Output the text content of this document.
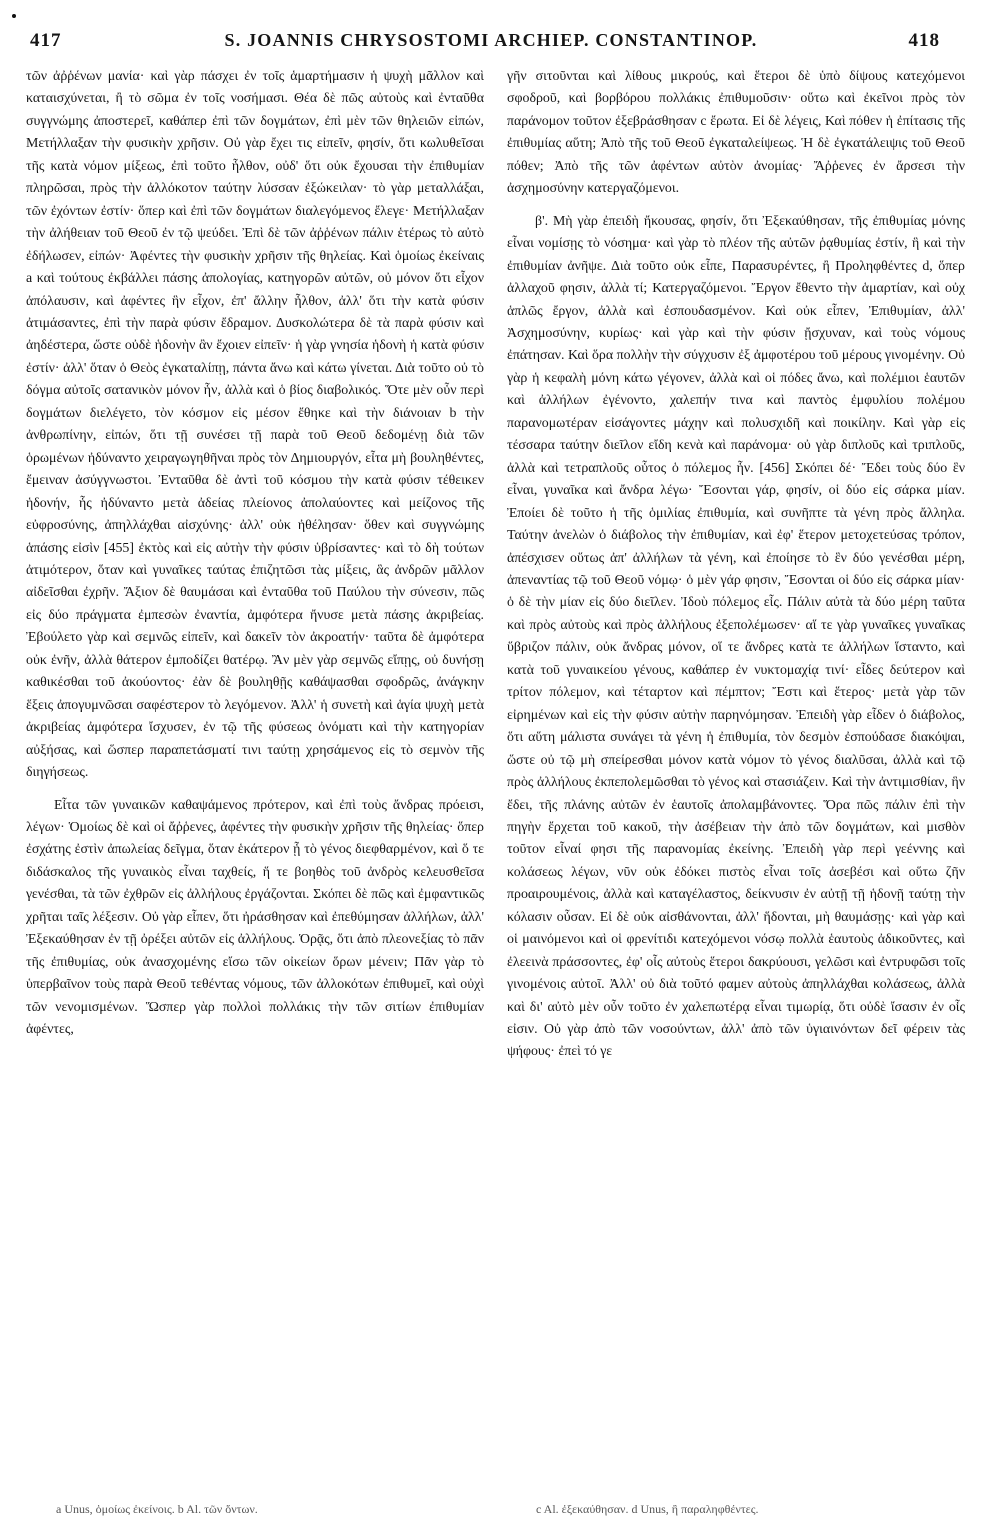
417	S. JOANNIS CHRYSOSTOMI ARCHIEP. CONSTANTINOP.	418

τῶν ἀῤῥένων μανία· καὶ γὰρ πάσχει ἐν τοῖς ἁμαρτήμασιν ἡ ψυχὴ μᾶλλον καὶ καταισχύνεται, ἢ τὸ σῶμα ἐν τοῖς νοσήμασι. Θέα δὲ πῶς αὐτοὺς καὶ ἐνταῦθα συγγνώμης ἀποστερεῖ, καθάπερ ἐπὶ τῶν δογμάτων, ἐπὶ μὲν τῶν θηλειῶν εἰπών, Μετήλλαξαν τὴν φυσικὴν χρῆσιν. Οὐ γὰρ ἔχει τις εἰπεῖν, φησίν, ὅτι κωλυθεῖσαι τῆς κατὰ νόμον μίξεως, ἐπὶ τοῦτο ἦλθον, οὐδ' ὅτι οὐκ ἔχουσαι τὴν ἐπιθυμίαν πληρῶσαι, πρὸς τὴν ἀλλόκοτον ταύτην λύσσαν ἐξώκειλαν· τὸ γὰρ μεταλλάξαι, τῶν ἐχόντων ἐστίν· ὅπερ καὶ ἐπὶ τῶν δογμάτων διαλεγόμενος ἔλεγε· Μετήλλαξαν τὴν ἀλήθειαν τοῦ Θεοῦ ἐν τῷ ψεύδει. Ἐπὶ δὲ τῶν ἀῤῥένων πάλιν ἑτέρως τὸ αὐτὸ ἐδήλωσεν, εἰπών· Ἀφέντες τὴν φυσικὴν χρῆσιν τῆς θηλείας. Καὶ ὁμοίως ἐκείναις a καὶ τούτους ἐκβάλλει πάσης ἀπολογίας, κατηγορῶν αὐτῶν, οὐ μόνον ὅτι εἶχον ἀπόλαυσιν, καὶ ἀφέντες ἣν εἶχον, ἐπ' ἄλλην ἦλθον, ἀλλ' ὅτι τὴν κατὰ φύσιν ἀτιμάσαντες, ἐπὶ τὴν παρὰ φύσιν ἔδραμον. Δυσκολώτερα δὲ τὰ παρὰ φύσιν καὶ ἀηδέστερα, ὥστε οὐδὲ ἡδονὴν ἂν ἔχοιεν εἰπεῖν· ἡ γὰρ γνησία ἡδονὴ ἡ κατὰ φύσιν ἐστίν· ἀλλ' ὅταν ὁ Θεὸς ἐγκαταλίπῃ, πάντα ἄνω καὶ κάτω γίνεται. Διὰ τοῦτο οὐ τὸ δόγμα αὐτοῖς σατανικὸν μόνον ἦν, ἀλλὰ καὶ ὁ βίος διαβολικός. Ὅτε μὲν οὖν περὶ δογμάτων διελέγετο, τὸν κόσμον εἰς μέσον ἔθηκε καὶ τὴν διάνοιαν b τὴν ἀνθρωπίνην, εἰπών, ὅτι τῇ συνέσει τῇ παρὰ τοῦ Θεοῦ δεδομένῃ διὰ τῶν ὁρωμένων ἠδύναντο χειραγωγηθῆναι πρὸς τὸν Δημιουργόν, εἶτα μὴ βουληθέντες, ἔμειναν ἀσύγγνωστοι. Ἐνταῦθα δὲ ἀντὶ τοῦ κόσμου τὴν κατὰ φύσιν τέθεικεν ἡδονήν, ἧς ἠδύναντο μετὰ ἀδείας πλείονος ἀπολαύοντες καὶ μείζονος τῆς εὐφροσύνης, ἀπηλλάχθαι αἰσχύνης· ἀλλ' οὐκ ἠθέλησαν· ὅθεν καὶ συγγνώμης ἁπάσης εἰσὶν [455] ἐκτὸς καὶ εἰς αὐτὴν τὴν φύσιν ὑβρίσαντες· καὶ τὸ δὴ τούτων ἀτιμότερον, ὅταν καὶ γυναῖκες ταύτας ἐπιζητῶσι τὰς μίξεις, ἃς ἀνδρῶν μᾶλλον αἰδεῖσθαι ἐχρῆν. Ἄξιον δὲ θαυμάσαι καὶ ἐνταῦθα τοῦ Παύλου τὴν σύνεσιν, πῶς εἰς δύο πράγματα ἐμπεσὼν ἐναντία, ἀμφότερα ἤνυσε μετὰ πάσης ἀκριβείας. Ἐβούλετο γὰρ καὶ σεμνῶς εἰπεῖν, καὶ δακεῖν τὸν ἀκροατήν· ταῦτα δὲ ἀμφότερα οὐκ ἐνῆν, ἀλλὰ θάτερον ἐμποδίζει θατέρῳ. Ἂν μὲν γὰρ σεμνῶς εἴπῃς, οὐ δυνήσῃ καθικέσθαι τοῦ ἀκούοντος· ἐὰν δὲ βουληθῇς καθάψασθαι σφοδρῶς, ἀνάγκην ἕξεις ἀπογυμνῶσαι σαφέστερον τὸ λεγόμενον. Ἀλλ' ἡ συνετὴ καὶ ἁγία ψυχὴ μετὰ ἀκριβείας ἀμφότερα ἴσχυσεν, ἐν τῷ τῆς φύσεως ὀνόματι καὶ τὴν κατηγορίαν αὐξήσας, καὶ ὥσπερ παραπετάσματί τινι ταύτῃ χρησάμενος εἰς τὸ σεμνὸν τῆς διηγήσεως.

Εἶτα τῶν γυναικῶν καθαψάμενος πρότερον, καὶ ἐπὶ τοὺς ἄνδρας πρόεισι, λέγων· Ὁμοίως δὲ καὶ οἱ ἄῤῥενες, ἀφέντες τὴν φυσικὴν χρῆσιν τῆς θηλείας· ὅπερ ἐσχάτης ἐστὶν ἀπωλείας δεῖγμα, ὅταν ἑκάτερον ᾖ τὸ γένος διεφθαρμένον, καὶ ὅ τε διδάσκαλος τῆς γυναικὸς εἶναι ταχθείς, ἥ τε βοηθὸς τοῦ ἀνδρὸς κελευσθεῖσα γενέσθαι, τὰ τῶν ἐχθρῶν εἰς ἀλλήλους ἐργάζονται. Σκόπει δὲ πῶς καὶ ἐμφαντικῶς χρῆται ταῖς λέξεσιν. Οὐ γὰρ εἶπεν, ὅτι ἠράσθησαν καὶ ἐπεθύμησαν ἀλλήλων, ἀλλ' Ἐξεκαύθησαν ἐν τῇ ὀρέξει αὐτῶν εἰς ἀλλήλους. Ὁρᾷς, ὅτι ἀπὸ πλεονεξίας τὸ πᾶν τῆς ἐπιθυμίας, οὐκ ἀνασχομένης εἴσω τῶν οἰκείων ὅρων μένειν; Πᾶν γὰρ τὸ ὑπερβαῖνον τοὺς παρὰ Θεοῦ τεθέντας νόμους, τῶν ἀλλοκότων ἐπιθυμεῖ, καὶ οὐχὶ τῶν νενομισμένων. Ὥσπερ γὰρ πολλοὶ πολλάκις τὴν τῶν σιτίων ἐπιθυμίαν ἀφέντες,

γῆν σιτοῦνται καὶ λίθους μικρούς, καὶ ἕτεροι δὲ ὑπὸ δίψους κατεχόμενοι σφοδροῦ, καὶ βορβόρου πολλάκις ἐπιθυμοῦσιν· οὕτω καὶ ἐκεῖνοι πρὸς τὸν παράνομον τοῦτον ἐξεβράσθησαν c ἔρωτα. Εἰ δὲ λέγεις, Καὶ πόθεν ἡ ἐπίτασις τῆς ἐπιθυμίας αὕτη; Ἀπὸ τῆς τοῦ Θεοῦ ἐγκαταλείψεως. Ἡ δὲ ἐγκατάλειψις τοῦ Θεοῦ πόθεν; Ἀπὸ τῆς τῶν ἀφέντων αὐτὸν ἀνομίας· Ἄῤῥενες ἐν ἄρσεσι τὴν ἀσχημοσύνην κατεργαζόμενοι.

β'. Μὴ γὰρ ἐπειδὴ ἤκουσας, φησίν, ὅτι Ἐξεκαύθησαν, τῆς ἐπιθυμίας μόνης εἶναι νομίσῃς τὸ νόσημα· καὶ γὰρ τὸ πλέον τῆς αὐτῶν ῥᾳθυμίας ἐστίν, ἣ καὶ τὴν ἐπιθυμίαν ἀνῆψε. Διὰ τοῦτο οὐκ εἶπε, Παρασυρέντες, ἢ Προληφθέντες d, ὅπερ ἀλλαχοῦ φησιν, ἀλλὰ τί; Κατεργαζόμενοι. Ἔργον ἔθεντο τὴν ἁμαρτίαν, καὶ οὐχ ἁπλῶς ἔργον, ἀλλὰ καὶ ἐσπουδασμένον. Καὶ οὐκ εἶπεν, Ἐπιθυμίαν, ἀλλ' Ἀσχημοσύνην, κυρίως· καὶ γὰρ καὶ τὴν φύσιν ᾔσχυναν, καὶ τοὺς νόμους ἐπάτησαν. Καὶ ὅρα πολλὴν τὴν σύγχυσιν ἐξ ἀμφοτέρου τοῦ μέρους γινομένην. Οὐ γὰρ ἡ κεφαλὴ μόνη κάτω γέγονεν, ἀλλὰ καὶ οἱ πόδες ἄνω, καὶ πολέμιοι ἑαυτῶν καὶ ἀλλήλων ἐγένοντο, χαλεπήν τινα καὶ παντὸς ἐμφυλίου πολέμου παρανομωτέραν εἰσάγοντες μάχην καὶ πολυσχιδῆ καὶ ποικίλην. Καὶ γὰρ εἰς τέσσαρα ταύτην διεῖλον εἴδη κενὰ καὶ παράνομα· οὐ γὰρ διπλοῦς καὶ τριπλοῦς, ἀλλὰ καὶ τετραπλοῦς οὗτος ὁ πόλεμος ἦν. [456] Σκόπει δέ· Ἔδει τοὺς δύο ἓν εἶναι, γυναῖκα καὶ ἄνδρα λέγω· Ἔσονται γάρ, φησίν, οἱ δύο εἰς σάρκα μίαν. Ἐποίει δὲ τοῦτο ἡ τῆς ὁμιλίας ἐπιθυμία, καὶ συνῆπτε τὰ γένη πρὸς ἄλληλα. Ταύτην ἀνελὼν ὁ διάβολος τὴν ἐπιθυμίαν, καὶ ἐφ' ἕτερον μετοχετεύσας τρόπον, ἀπέσχισεν οὕτως ἀπ' ἀλλήλων τὰ γένη, καὶ ἐποίησε τὸ ἓν δύο γενέσθαι μέρη, ἀπεναντίας τῷ τοῦ Θεοῦ νόμῳ· ὁ μὲν γάρ φησιν, Ἔσονται οἱ δύο εἰς σάρκα μίαν· ὁ δὲ τὴν μίαν εἰς δύο διεῖλεν. Ἰδοὺ πόλεμος εἷς. Πάλιν αὐτὰ τὰ δύο μέρη ταῦτα καὶ πρὸς αὐτοὺς καὶ πρὸς ἀλλήλους ἐξεπολέμωσεν· αἵ τε γὰρ γυναῖκες γυναῖκας ὕβριζον πάλιν, οὐκ ἄνδρας μόνον, οἵ τε ἄνδρες κατὰ τε ἀλλήλων ἵσταντο, καὶ κατὰ τοῦ γυναικείου γένους, καθάπερ ἐν νυκτομαχίᾳ τινί· εἶδες δεύτερον καὶ τρίτον πόλεμον, καὶ τέταρτον καὶ πέμπτον; Ἔστι καὶ ἕτερος· μετὰ γὰρ τῶν εἰρημένων καὶ εἰς τὴν φύσιν αὐτὴν παρηνόμησαν. Ἐπειδὴ γὰρ εἶδεν ὁ διάβολος, ὅτι αὕτη μάλιστα συνάγει τὰ γένη ἡ ἐπιθυμία, τὸν δεσμὸν ἐσπούδασε διακόψαι, ὥστε οὐ τῷ μὴ σπείρεσθαι μόνον κατὰ νόμον τὸ γένος διαλῦσαι, ἀλλὰ καὶ τῷ πρὸς ἀλλήλους ἐκπεπολεμῶσθαι τὸ γένος καὶ στασιάζειν. Καὶ τὴν ἀντιμισθίαν, ἣν ἔδει, τῆς πλάνης αὐτῶν ἐν ἑαυτοῖς ἀπολαμβάνοντες. Ὅρα πῶς πάλιν ἐπὶ τὴν πηγὴν ἔρχεται τοῦ κακοῦ, τὴν ἀσέβειαν τὴν ἀπὸ τῶν δογμάτων, καὶ μισθὸν τοῦτον εἶναί φησι τῆς παρανομίας ἐκείνης. Ἐπειδὴ γὰρ περὶ γεέννης καὶ κολάσεως λέγων, νῦν οὐκ ἐδόκει πιστὸς εἶναι τοῖς ἀσεβέσι καὶ οὕτω ζῆν προαιρουμένοις, ἀλλὰ καὶ καταγέλαστος, δείκνυσιν ἐν αὐτῇ τῇ ἡδονῇ ταύτῃ τὴν κόλασιν οὖσαν. Εἰ δὲ οὐκ αἰσθάνονται, ἀλλ' ἥδονται, μὴ θαυμάσῃς· καὶ γὰρ καὶ οἱ μαινόμενοι καὶ οἱ φρενίτιδι κατεχόμενοι νόσῳ πολλὰ ἑαυτοὺς ἀδικοῦντες, καὶ ἐλεεινὰ πράσσοντες, ἐφ' οἷς αὐτοὺς ἕτεροι δακρύουσι, γελῶσι καὶ ἐντρυφῶσι τοῖς γινομένοις αὐτοῖ. Ἀλλ' οὐ διὰ τοῦτό φαμεν αὐτοὺς ἀπηλλάχθαι κολάσεως, ἀλλὰ καὶ δι' αὐτὸ μὲν οὖν τοῦτο ἐν χαλεπωτέρᾳ εἶναι τιμωρίᾳ, ὅτι οὐδὲ ἴσασιν ἐν οἷς εἰσιν. Οὐ γὰρ ἀπὸ τῶν νοσούντων, ἀλλ' ἀπὸ τῶν ὑγιαινόντων δεῖ φέρειν τὰς ψήφους· ἐπεὶ τό γε

a Unus, ὁμοίως ἐκείνοις. b Al. τῶν ὄντων.	c Al. ἐξεκαύθησαν. d Unus, ἢ παραληφθέντες.
